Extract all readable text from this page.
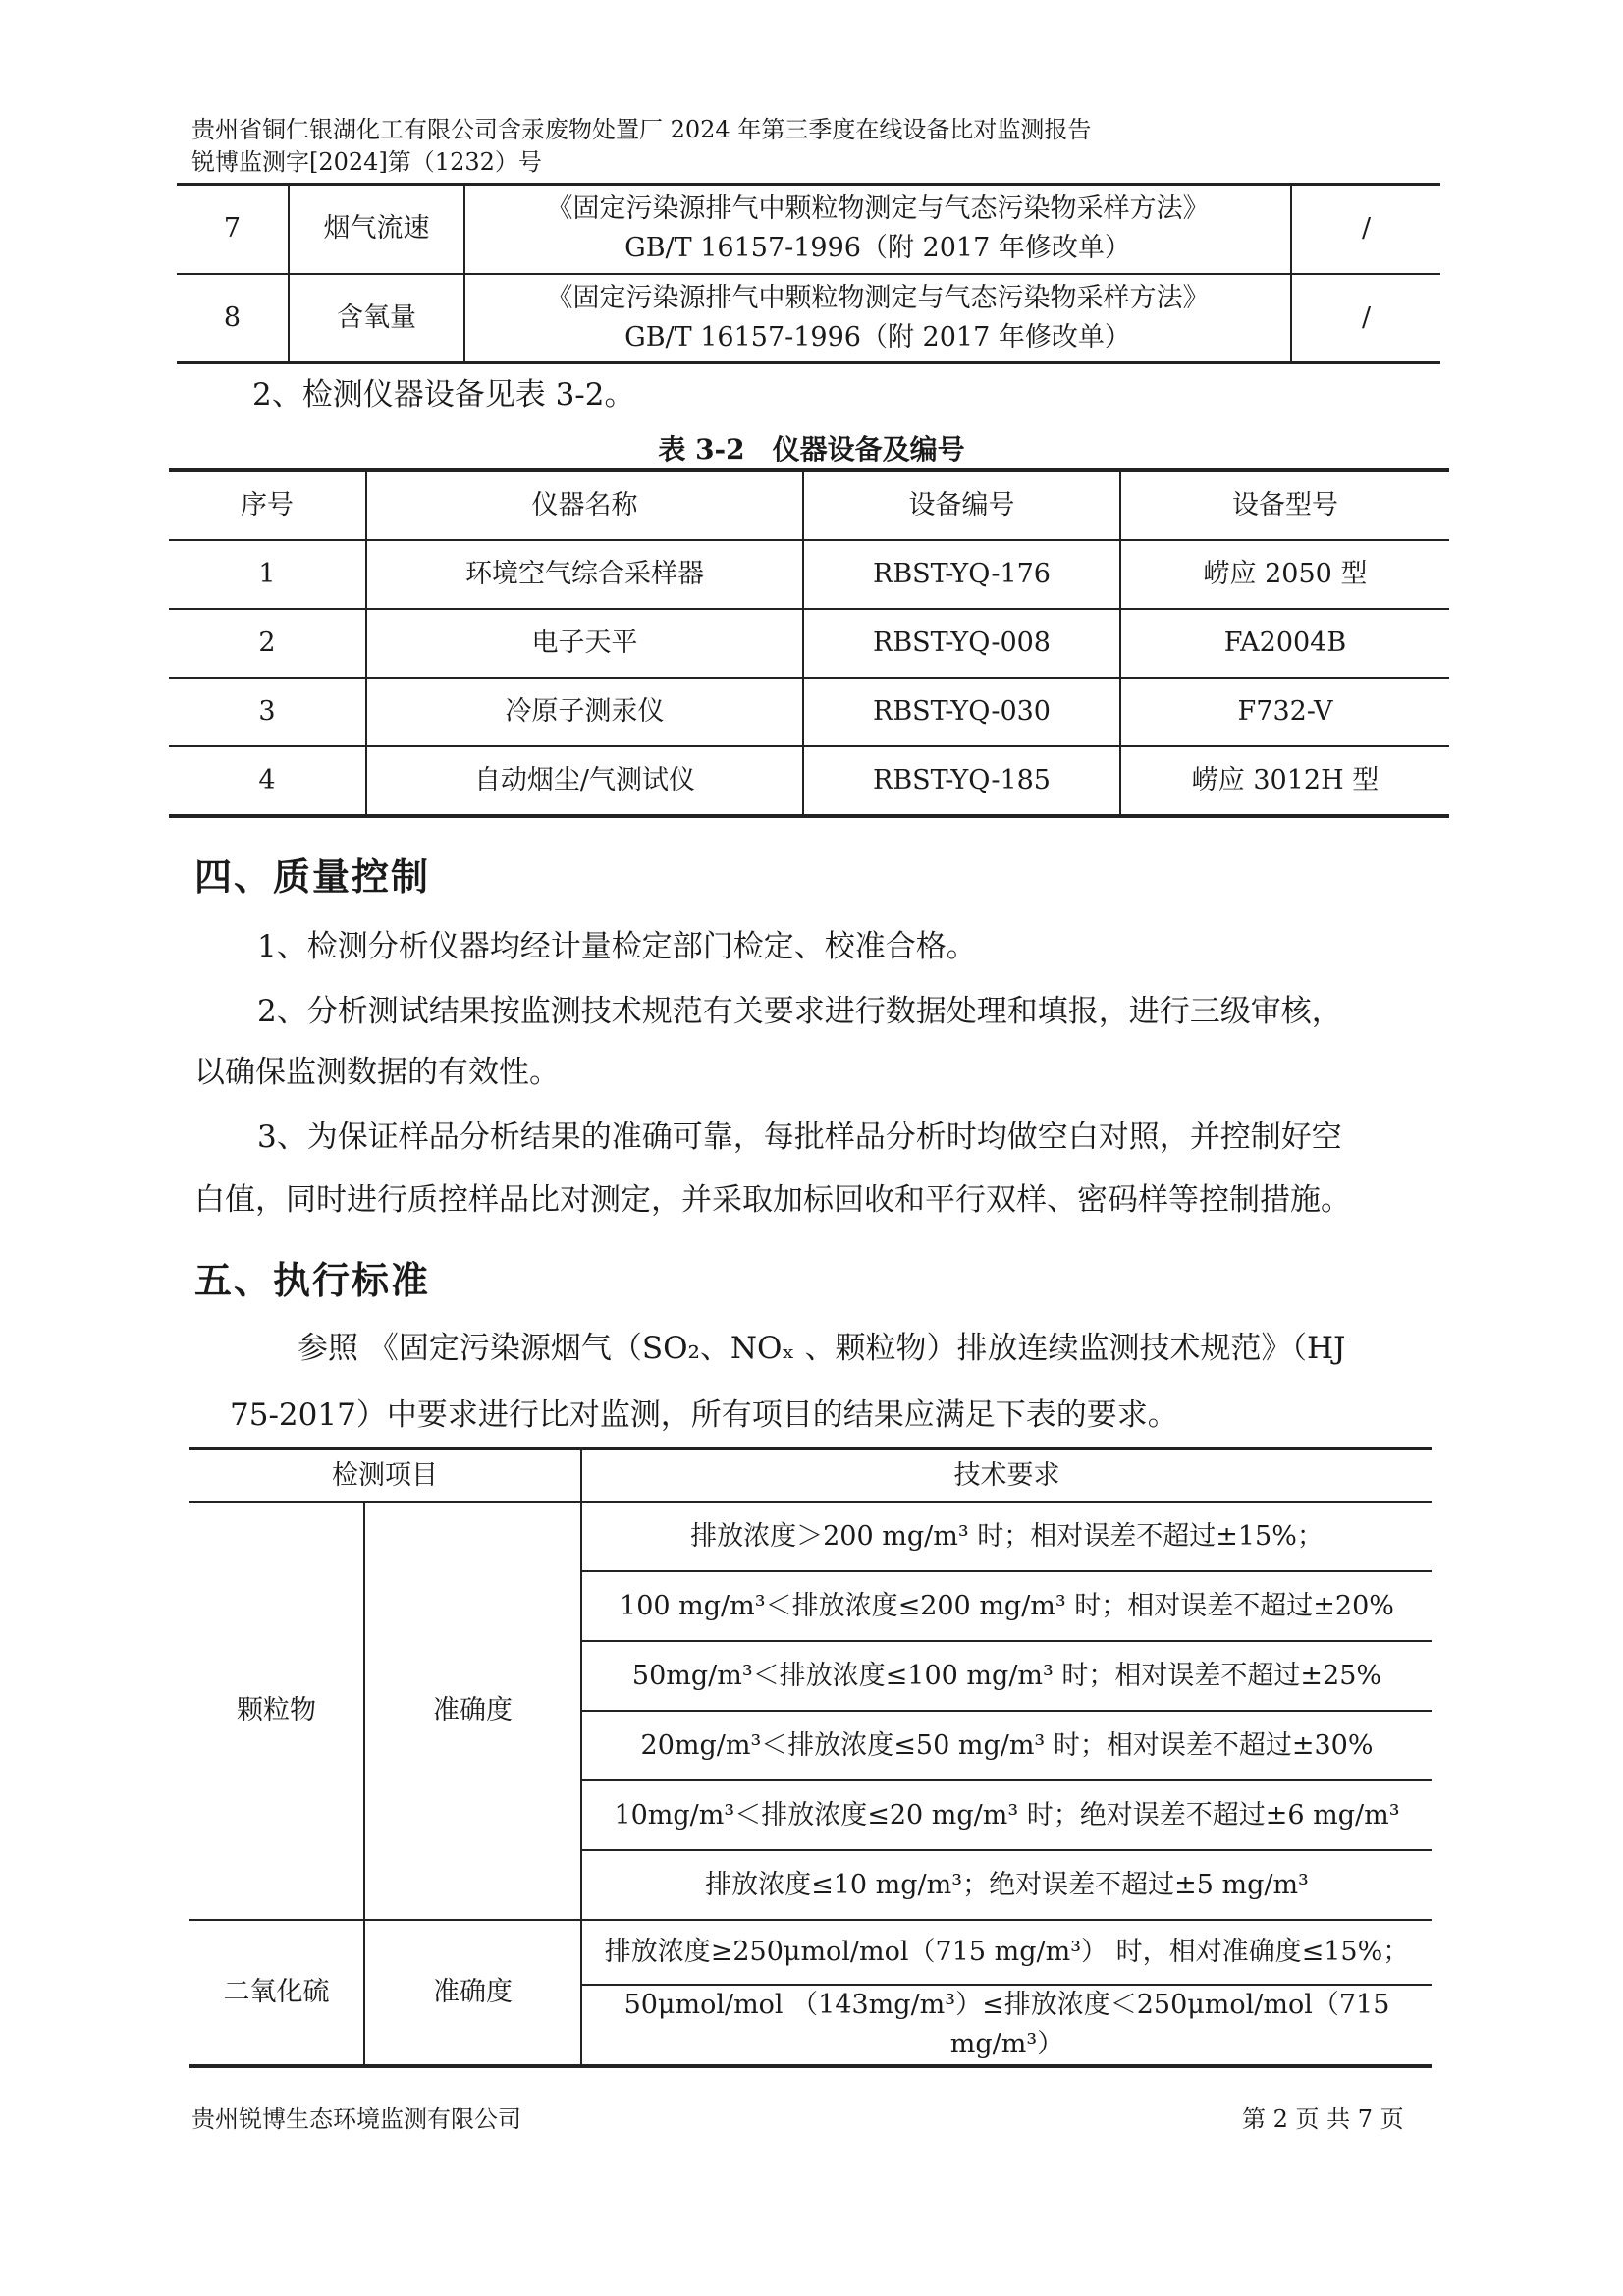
贵州省铜仁银湖化工有限公司含汞废物处置厂 2024 年第三季度在线设备比对监测报告
锐博监测字[2024]第（1232）号
7	烟气流速	《固定污染源排气中颗粒物测定与气态污染物采样方法》
GB/T 16157-1996（附 2017 年修改单）	/
8	含氧量	《固定污染源排气中颗粒物测定与气态污染物采样方法》
GB/T 16157-1996（附 2017 年修改单）	/
2、检测仪器设备见表 3-2。
表 3-2　仪器设备及编号
序号	仪器名称	设备编号	设备型号
1	环境空气综合采样器	RBST-YQ-176	崂应 2050 型
2	电子天平	RBST-YQ-008	FA2004B
3	冷原子测汞仪	RBST-YQ-030	F732-V
4	自动烟尘/气测试仪	RBST-YQ-185	崂应 3012H 型
四、质量控制
1、检测分析仪器均经计量检定部门检定、校准合格。
2、分析测试结果按监测技术规范有关要求进行数据处理和填报，进行三级审核，
以确保监测数据的有效性。
3、为保证样品分析结果的准确可靠，每批样品分析时均做空白对照，并控制好空
白值，同时进行质控样品比对测定，并采取加标回收和平行双样、密码样等控制措施。
五、执行标准
参照 《固定污染源烟气（SO₂、NOₓ 、颗粒物）排放连续监测技术规范》（HJ
75-2017）中要求进行比对监测，所有项目的结果应满足下表的要求。
检测项目		技术要求
颗粒物	准确度	排放浓度＞200 mg/m³ 时；相对误差不超过±15%；
		100 mg/m³＜排放浓度≤200 mg/m³ 时；相对误差不超过±20%
		50mg/m³＜排放浓度≤100 mg/m³ 时；相对误差不超过±25%
		20mg/m³＜排放浓度≤50 mg/m³ 时；相对误差不超过±30%
		10mg/m³＜排放浓度≤20 mg/m³ 时；绝对误差不超过±6 mg/m³
		排放浓度≤10 mg/m³；绝对误差不超过±5 mg/m³
二氧化硫	准确度	排放浓度≥250μmol/mol（715 mg/m³） 时，相对准确度≤15%；
		50μmol/mol （143mg/m³）≤排放浓度＜250μmol/mol（715 mg/m³）
贵州锐博生态环境监测有限公司	第 2 页 共 7 页
